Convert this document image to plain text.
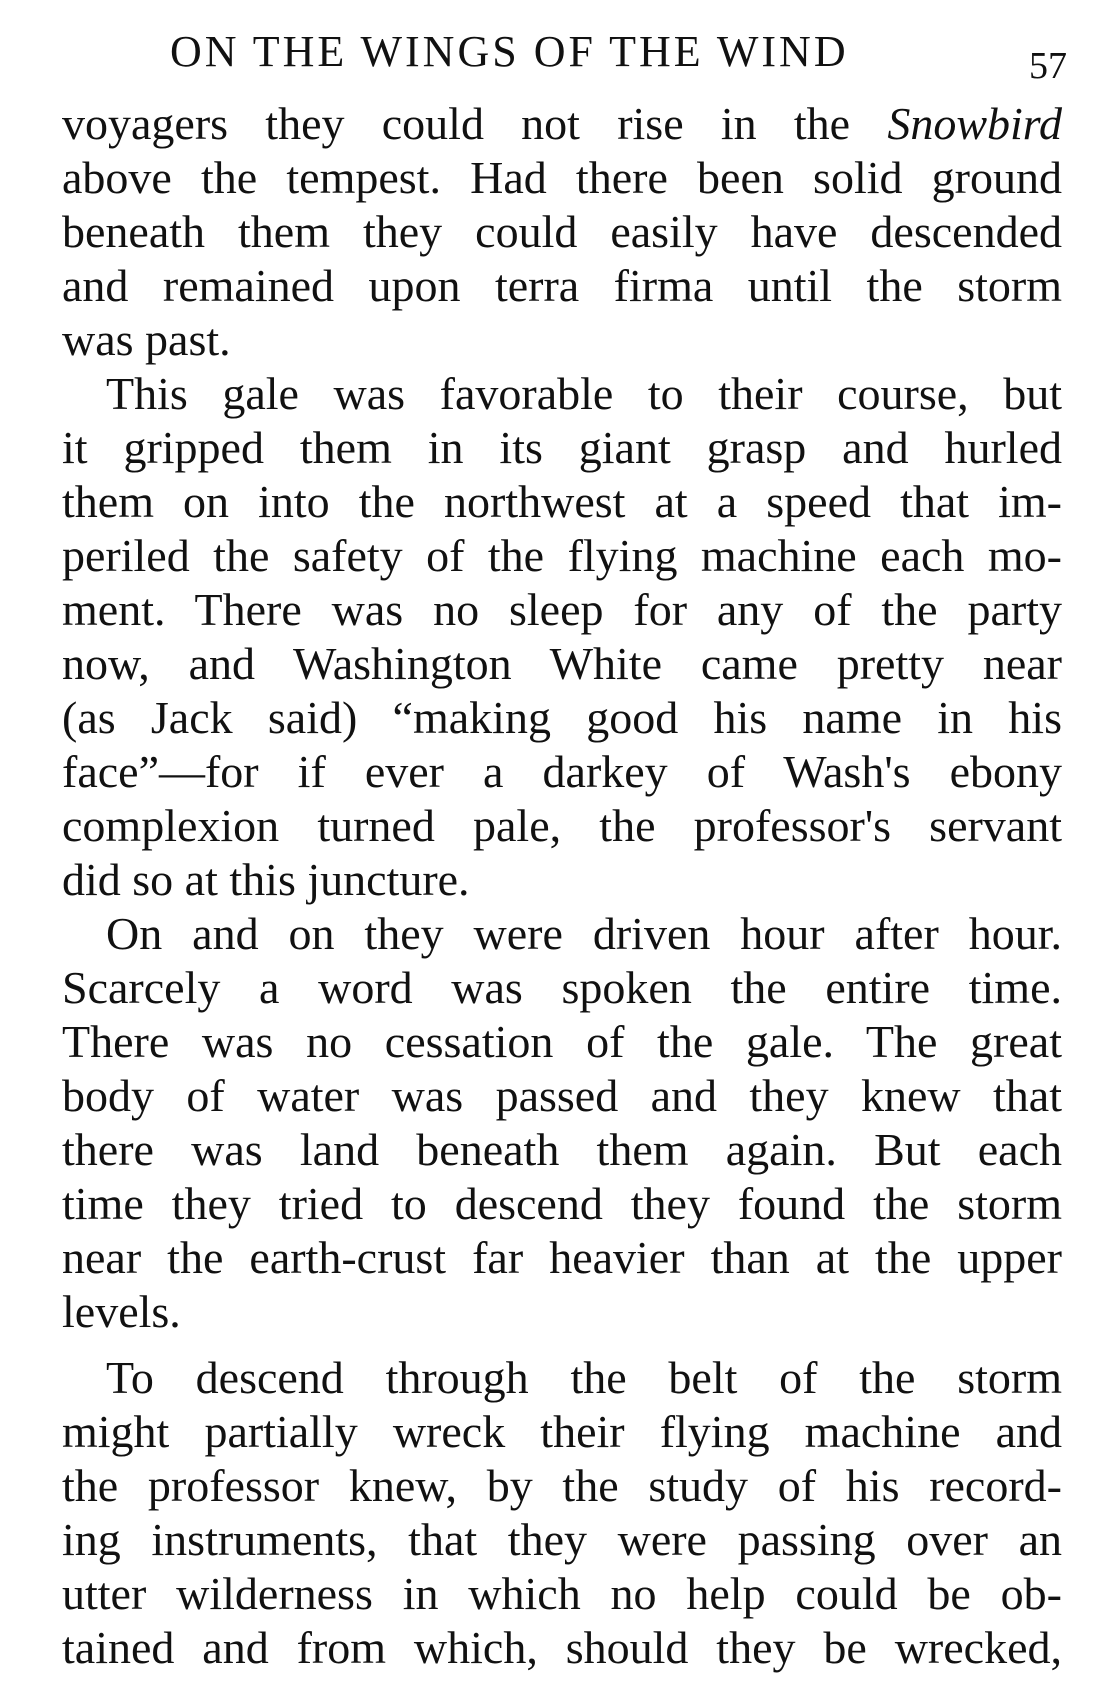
ON THE WINGS OF THE WIND	57
voyagers they could not rise in the Snowbird
above the tempest. Had there been solid ground
beneath them they could easily have descended
and remained upon terra firma until the storm
was past.
This gale was favorable to their course, but
it gripped them in its giant grasp and hurled
them on into the northwest at a speed that im-
periled the safety of the flying machine each mo-
ment. There was no sleep for any of the party
now, and Washington White came pretty near
(as Jack said) “making good his name in his
face”—for if ever a darkey of Wash's ebony
complexion turned pale, the professor's servant
did so at this juncture.
On and on they were driven hour after hour.
Scarcely a word was spoken the entire time.
There was no cessation of the gale. The great
body of water was passed and they knew that
there was land beneath them again. But each
time they tried to descend they found the storm
near the earth-crust far heavier than at the upper
levels.
To descend through the belt of the storm
might partially wreck their flying machine and
the professor knew, by the study of his record-
ing instruments, that they were passing over an
utter wilderness in which no help could be ob-
tained and from which, should they be wrecked,
